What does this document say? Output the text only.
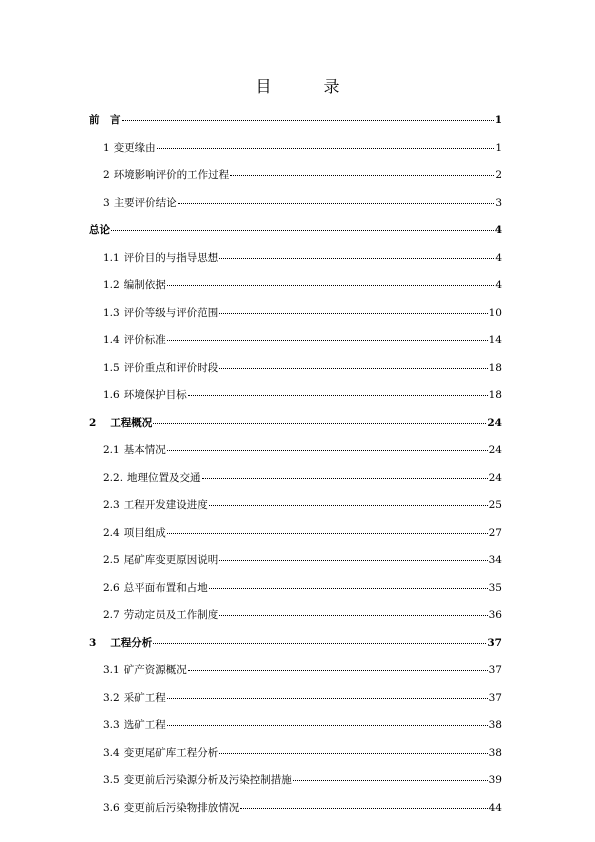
目　录
前　言	1
1 变更缘由	1
2 环境影响评价的工作过程	2
3 主要评价结论	3
总论	4
1.1 评价目的与指导思想	4
1.2 编制依据	4
1.3 评价等级与评价范围	10
1.4 评价标准	14
1.5 评价重点和评价时段	18
1.6 环境保护目标	18
2 工程概况	24
2.1 基本情况	24
2.2. 地理位置及交通	24
2.3 工程开发建设进度	25
2.4 项目组成	27
2.5 尾矿库变更原因说明	34
2.6 总平面布置和占地	35
2.7 劳动定员及工作制度	36
3 工程分析	37
3.1 矿产资源概况	37
3.2 采矿工程	37
3.3 选矿工程	38
3.4 变更尾矿库工程分析	38
3.5 变更前后污染源分析及污染控制措施	39
3.6 变更前后污染物排放情况	44
